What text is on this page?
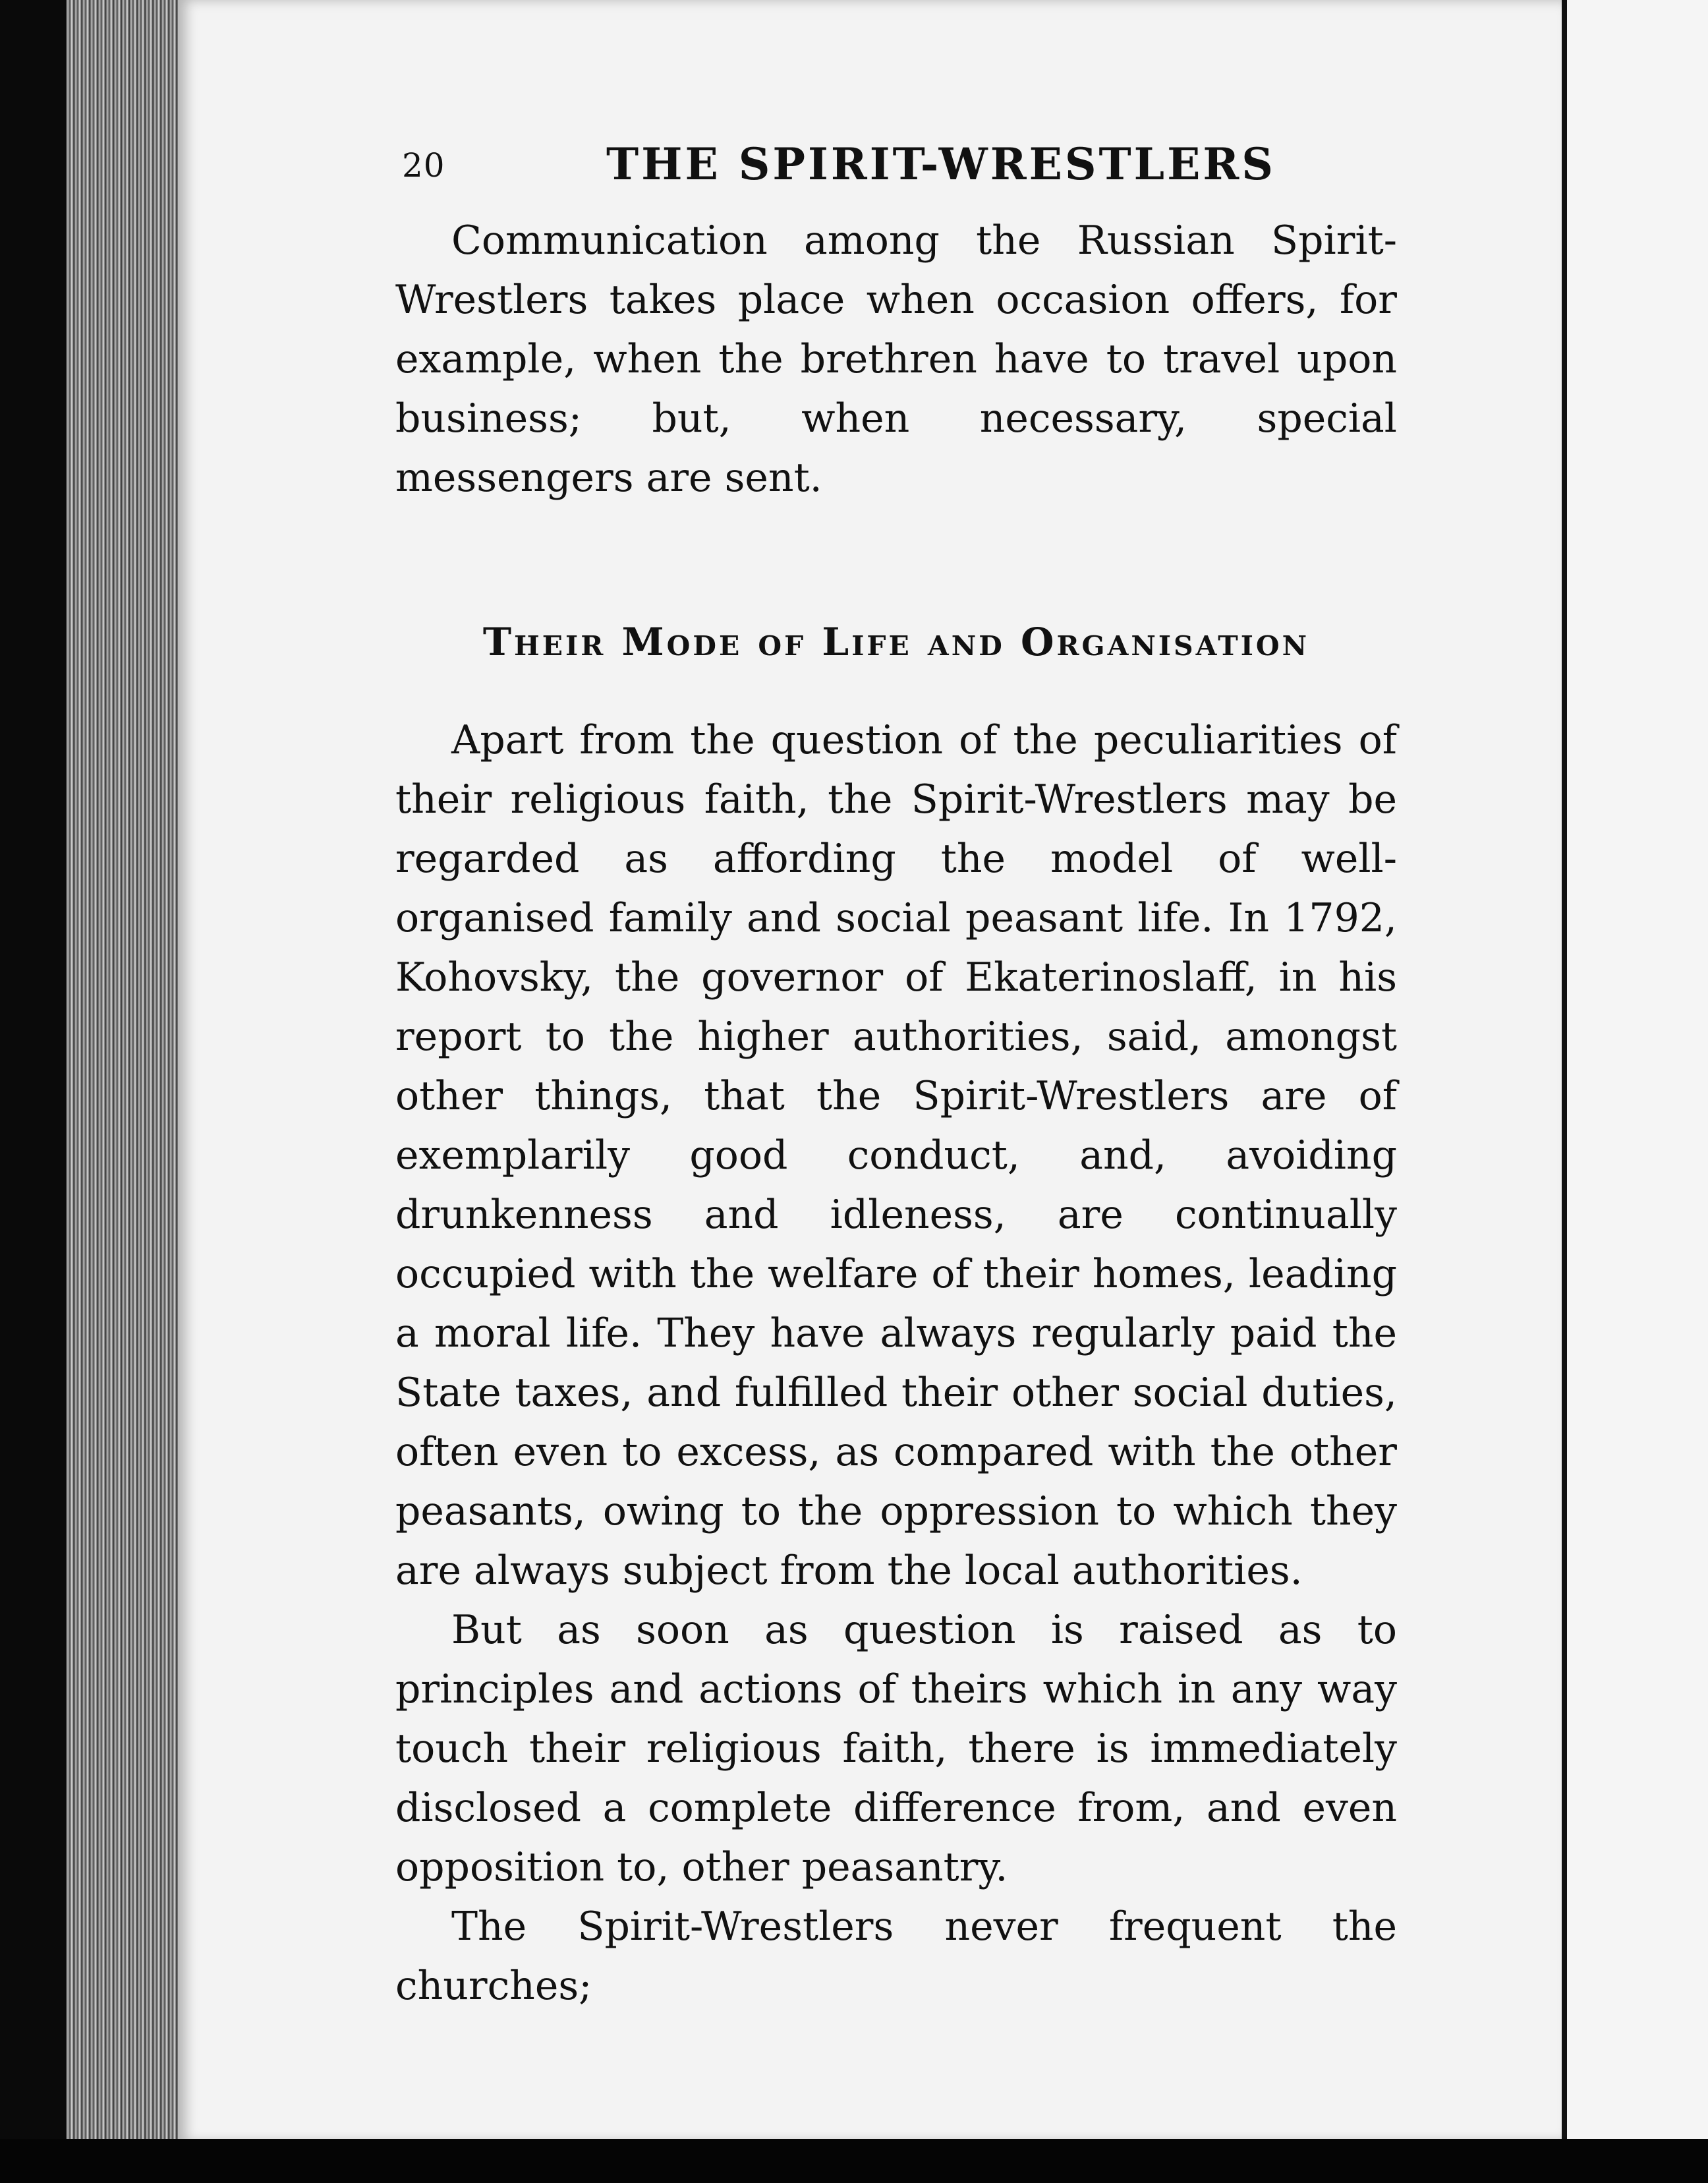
20	THE SPIRIT-WRESTLERS

Communication among the Russian Spirit-Wrestlers takes place when occasion offers, for example, when the brethren have to travel upon business; but, when necessary, special messengers are sent.

Their Mode of Life and Organisation

Apart from the question of the peculiarities of their religious faith, the Spirit-Wrestlers may be regarded as affording the model of well-organised family and social peasant life. In 1792, Kohovsky, the governor of Ekaterinoslaff, in his report to the higher authorities, said, amongst other things, that the Spirit-Wrestlers are of exemplarily good conduct, and, avoiding drunkenness and idleness, are continually occupied with the welfare of their homes, leading a moral life. They have always regularly paid the State taxes, and fulfilled their other social duties, often even to excess, as compared with the other peasants, owing to the oppression to which they are always subject from the local authorities.

But as soon as question is raised as to principles and actions of theirs which in any way touch their religious faith, there is immediately disclosed a complete difference from, and even opposition to, other peasantry.

The Spirit-Wrestlers never frequent the churches;
